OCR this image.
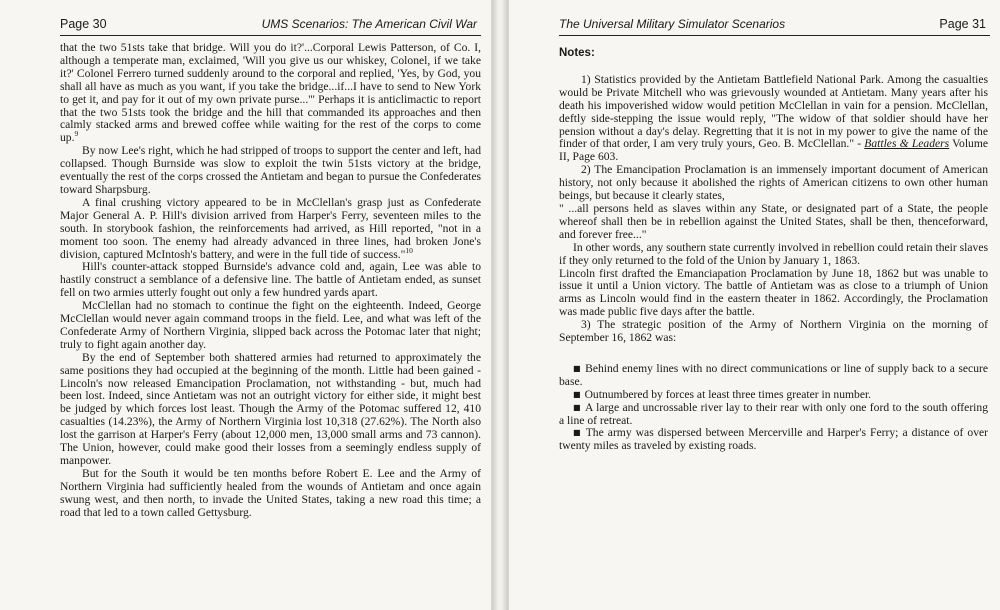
Page 30	UMS Scenarios: The American Civil War

that the two 51sts take that bridge. Will you do it?'...Corporal Lewis Patterson, of Co. I, although a temperate man, exclaimed, 'Will you give us our whiskey, Colonel, if we take it?' Colonel Ferrero turned suddenly around to the corporal and replied, 'Yes, by God, you shall all have as much as you want, if you take the bridge...if...I have to send to New York to get it, and pay for it out of my own private purse...'" Perhaps it is anticlimactic to report that the two 51sts took the bridge and the hill that commanded its approaches and then calmly stacked arms and brewed coffee while waiting for the rest of the corps to come up.$^9$

By now Lee's right, which he had stripped of troops to support the center and left, had collapsed. Though Burnside was slow to exploit the twin 51sts victory at the bridge, eventually the rest of the corps crossed the Antietam and began to pursue the Confederates toward Sharpsburg.

A final crushing victory appeared to be in McClellan's grasp just as Confederate Major General A. P. Hill's division arrived from Harper's Ferry, seventeen miles to the south. In storybook fashion, the reinforcements had arrived, as Hill reported, "not in a moment too soon. The enemy had already advanced in three lines, had broken Jone's division, captured McIntosh's battery, and were in the full tide of success."$^{10}$

Hill's counter-attack stopped Burnside's advance cold and, again, Lee was able to hastily construct a semblance of a defensive line. The battle of Antietam ended, as sunset fell on two armies utterly fought out only a few hundred yards apart.

McClellan had no stomach to continue the fight on the eighteenth. Indeed, George McClellan would never again command troops in the field. Lee, and what was left of the Confederate Army of Northern Virginia, slipped back across the Potomac later that night; truly to fight again another day.

By the end of September both shattered armies had returned to approximately the same positions they had occupied at the beginning of the month. Little had been gained - Lincoln's now released Emancipation Proclamation, not withstanding - but, much had been lost. Indeed, since Antietam was not an outright victory for either side, it might best be judged by which forces lost least. Though the Army of the Potomac suffered 12, 410 casualties (14.23%), the Army of Northern Virginia lost 10,318 (27.62%). The North also lost the garrison at Harper's Ferry (about 12,000 men, 13,000 small arms and 73 cannon). The Union, however, could make good their losses from a seemingly endless supply of manpower.

But for the South it would be ten months before Robert E. Lee and the Army of Northern Virginia had sufficiently healed from the wounds of Antietam and once again swung west, and then north, to invade the United States, taking a new road this time; a road that led to a town called Gettysburg.

The Universal Military Simulator Scenarios	Page 31
Notes:

1) Statistics provided by the Antietam Battlefield National Park. Among the casualties would be Private Mitchell who was grievously wounded at Antietam. Many years after his death his impoverished widow would petition McClellan in vain for a pension. McClellan, deftly side-stepping the issue would reply, "The widow of that soldier should have her pension without a day's delay. Regretting that it is not in my power to give the name of the finder of that order, I am very truly yours, Geo. B. McClellan." - Battles & Leaders Volume II, Page 603.

2) The Emancipation Proclamation is an immensely important document of American history, not only because it abolished the rights of American citizens to own other human beings, but because it clearly states,

" ...all persons held as slaves within any State, or designated part of a State, the people whereof shall then be in rebellion against the United States, shall be then, thenceforward, and forever free..."

In other words, any southern state currently involved in rebellion could retain their slaves if they only returned to the fold of the Union by January 1, 1863.

Lincoln first drafted the Emanciapation Proclamation by June 18, 1862 but was unable to issue it until a Union victory. The battle of Antietam was as close to a triumph of Union arms as Lincoln would find in the eastern theater in 1862. Accordingly, the Proclamation was made public five days after the battle.

3) The strategic position of the Army of Northern Virginia on the morning of September 16, 1862 was:

■ Behind enemy lines with no direct communications or line of supply back to a secure base.

■ Outnumbered by forces at least three times greater in number.

■ A large and uncrossable river lay to their rear with only one ford to the south offering a line of retreat.

■ The army was dispersed between Mercerville and Harper's Ferry; a distance of over twenty miles as traveled by existing roads.
